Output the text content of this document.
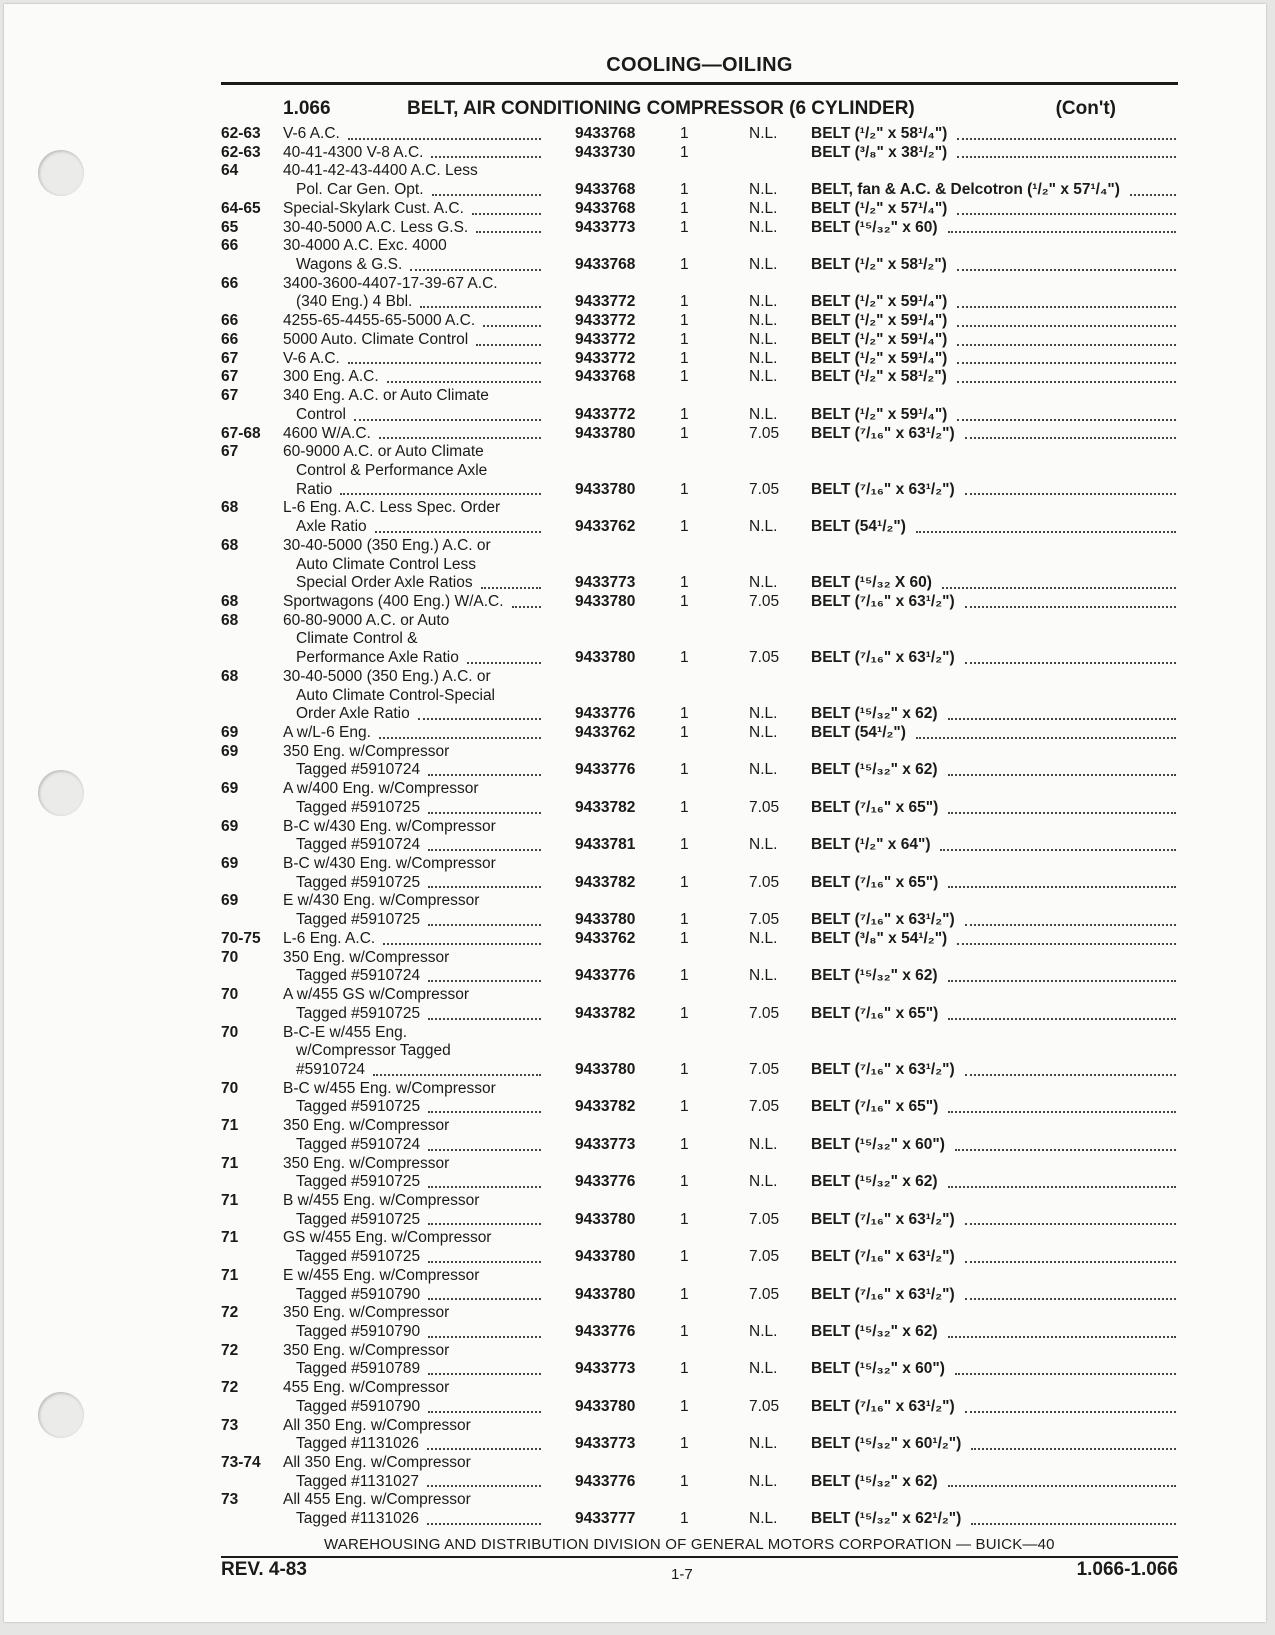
COOLING—OILING
1.066	BELT, AIR CONDITIONING COMPRESSOR (6 CYLINDER)	(Con't)
62-63	V-6 A.C.	9433768	1	N.L. BELT (¹/₂" x 58¹/₄")
62-63	40-41-4300 V-8 A.C.	9433730	1	BELT (³/₈" x 38¹/₂")
64	40-41-42-43-4400 A.C. Less
Pol. Car Gen. Opt.	9433768	1	N.L. BELT, fan & A.C. & Delcotron (¹/₂" x 57¹/₄")
64-65	Special-Skylark Cust. A.C.	9433768	1	N.L. BELT (¹/₂" x 57¹/₄")
65	30-40-5000 A.C. Less G.S.	9433773	1	N.L. BELT (¹⁵/₃₂" x 60)
66	30-4000 A.C. Exc. 4000
Wagons & G.S.	9433768	1	N.L. BELT (¹/₂" x 58¹/₂")
66	3400-3600-4407-17-39-67 A.C.
(340 Eng.) 4 Bbl.	9433772	1	N.L. BELT (¹/₂" x 59¹/₄")
66	4255-65-4455-65-5000 A.C.	9433772	1	N.L. BELT (¹/₂" x 59¹/₄")
66	5000 Auto. Climate Control	9433772	1	N.L. BELT (¹/₂" x 59¹/₄")
67	V-6 A.C.	9433772	1	N.L. BELT (¹/₂" x 59¹/₄")
67	300 Eng. A.C.	9433768	1	N.L. BELT (¹/₂" x 58¹/₂")
67	340 Eng. A.C. or Auto Climate
Control	9433772	1	N.L. BELT (¹/₂" x 59¹/₄")
67-68	4600 W/A.C.	9433780	1	7.05 BELT (⁷/₁₆" x 63¹/₂")
67	60-9000 A.C. or Auto Climate
Control & Performance Axle
Ratio	9433780	1	7.05 BELT (⁷/₁₆" x 63¹/₂")
68	L-6 Eng. A.C. Less Spec. Order
Axle Ratio	9433762	1	N.L. BELT (54¹/₂")
68	30-40-5000 (350 Eng.) A.C. or
Auto Climate Control Less
Special Order Axle Ratios	9433773	1	N.L. BELT (¹⁵/₃₂ X 60)
68	Sportwagons (400 Eng.) W/A.C.	9433780	1	7.05 BELT (⁷/₁₆" x 63¹/₂")
68	60-80-9000 A.C. or Auto
Climate Control &
Performance Axle Ratio	9433780	1	7.05 BELT (⁷/₁₆" x 63¹/₂")
68	30-40-5000 (350 Eng.) A.C. or
Auto Climate Control-Special
Order Axle Ratio	9433776	1	N.L. BELT (¹⁵/₃₂" x 62)
69	A w/L-6 Eng.	9433762	1	N.L. BELT (54¹/₂")
69	350 Eng. w/Compressor
Tagged #5910724	9433776	1	N.L. BELT (¹⁵/₃₂" x 62)
69	A w/400 Eng. w/Compressor
Tagged #5910725	9433782	1	7.05 BELT (⁷/₁₆" x 65")
69	B-C w/430 Eng. w/Compressor
Tagged #5910724	9433781	1	N.L. BELT (¹/₂" x 64")
69	B-C w/430 Eng. w/Compressor
Tagged #5910725	9433782	1	7.05 BELT (⁷/₁₆" x 65")
69	E w/430 Eng. w/Compressor
Tagged #5910725	9433780	1	7.05 BELT (⁷/₁₆" x 63¹/₂")
70-75	L-6 Eng. A.C.	9433762	1	N.L. BELT (³/₈" x 54¹/₂")
70	350 Eng. w/Compressor
Tagged #5910724	9433776	1	N.L. BELT (¹⁵/₃₂" x 62)
70	A w/455 GS w/Compressor
Tagged #5910725	9433782	1	7.05 BELT (⁷/₁₆" x 65")
70	B-C-E w/455 Eng.
w/Compressor Tagged
#5910724	9433780	1	7.05 BELT (⁷/₁₆" x 63¹/₂")
70	B-C w/455 Eng. w/Compressor
Tagged #5910725	9433782	1	7.05 BELT (⁷/₁₆" x 65")
71	350 Eng. w/Compressor
Tagged #5910724	9433773	1	N.L. BELT (¹⁵/₃₂" x 60")
71	350 Eng. w/Compressor
Tagged #5910725	9433776	1	N.L. BELT (¹⁵/₃₂" x 62)
71	B w/455 Eng. w/Compressor
Tagged #5910725	9433780	1	7.05 BELT (⁷/₁₆" x 63¹/₂")
71	GS w/455 Eng. w/Compressor
Tagged #5910725	9433780	1	7.05 BELT (⁷/₁₆" x 63¹/₂")
71	E w/455 Eng. w/Compressor
Tagged #5910790	9433780	1	7.05 BELT (⁷/₁₆" x 63¹/₂")
72	350 Eng. w/Compressor
Tagged #5910790	9433776	1	N.L. BELT (¹⁵/₃₂" x 62)
72	350 Eng. w/Compressor
Tagged #5910789	9433773	1	N.L. BELT (¹⁵/₃₂" x 60")
72	455 Eng. w/Compressor
Tagged #5910790	9433780	1	7.05 BELT (⁷/₁₆" x 63¹/₂")
73	All 350 Eng. w/Compressor
Tagged #1131026	9433773	1	N.L. BELT (¹⁵/₃₂" x 60¹/₂")
73-74	All 350 Eng. w/Compressor
Tagged #1131027	9433776	1	N.L. BELT (¹⁵/₃₂" x 62)
73	All 455 Eng. w/Compressor
Tagged #1131026	9433777	1	N.L. BELT (¹⁵/₃₂" x 62¹/₂")
WAREHOUSING AND DISTRIBUTION DIVISION OF GENERAL MOTORS CORPORATION — BUICK—40
REV. 4-83	1-7	1.066-1.066
